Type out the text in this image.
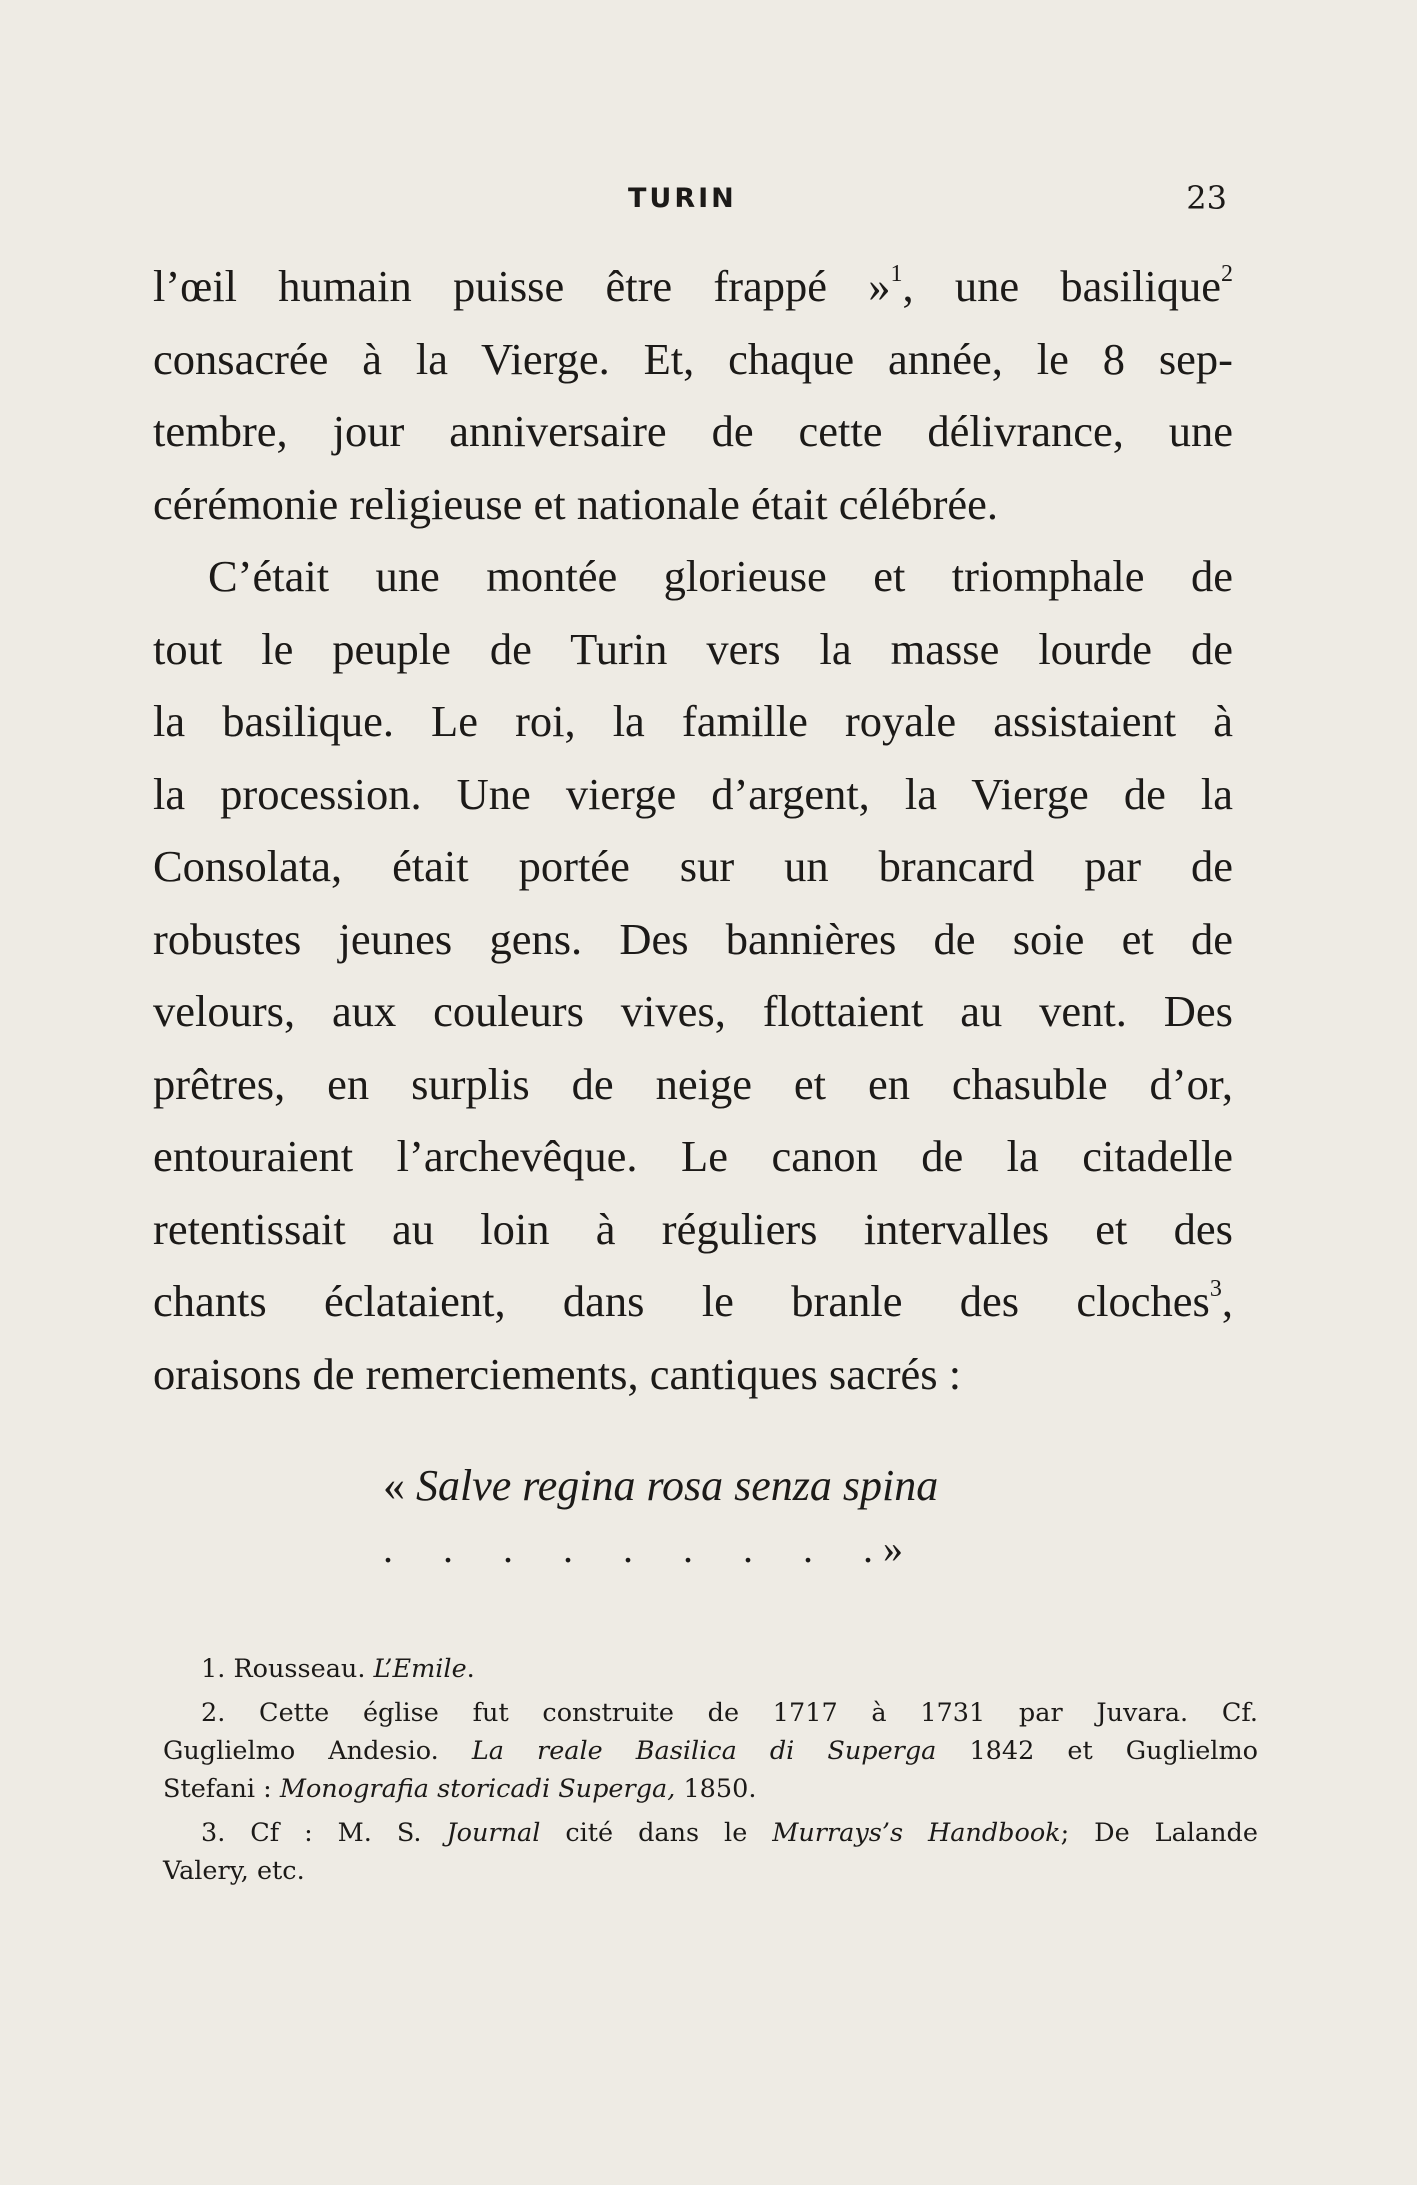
TURIN	23
l’œil humain puisse être frappé »$^1$, une basilique$^2$
consacrée à la Vierge. Et, chaque année, le 8 sep-
tembre, jour anniversaire de cette délivrance, une
cérémonie religieuse et nationale était célébrée.
C’était une montée glorieuse et triomphale de
tout le peuple de Turin vers la masse lourde de
la basilique. Le roi, la famille royale assistaient à
la procession. Une vierge d’argent, la Vierge de la
Consolata, était portée sur un brancard par de
robustes jeunes gens. Des bannières de soie et de
velours, aux couleurs vives, flottaient au vent. Des
prêtres, en surplis de neige et en chasuble d’or,
entouraient l’archevêque. Le canon de la citadelle
retentissait au loin à réguliers intervalles et des
chants éclataient, dans le branle des cloches$^3$,
oraisons de remerciements, cantiques sacrés :
« Salve regina rosa senza spina
. . . . . . . . . »
1. Rousseau. L’Emile.
2. Cette église fut construite de 1717 à 1731 par Juvara. Cf.
Guglielmo Andesio. La reale Basilica di Superga 1842 et Guglielmo
Stefani : Monografia storicadi Superga, 1850.
3. Cf : M. S. Journal cité dans le Murrays’s Handbook; De Lalande
Valery, etc.
